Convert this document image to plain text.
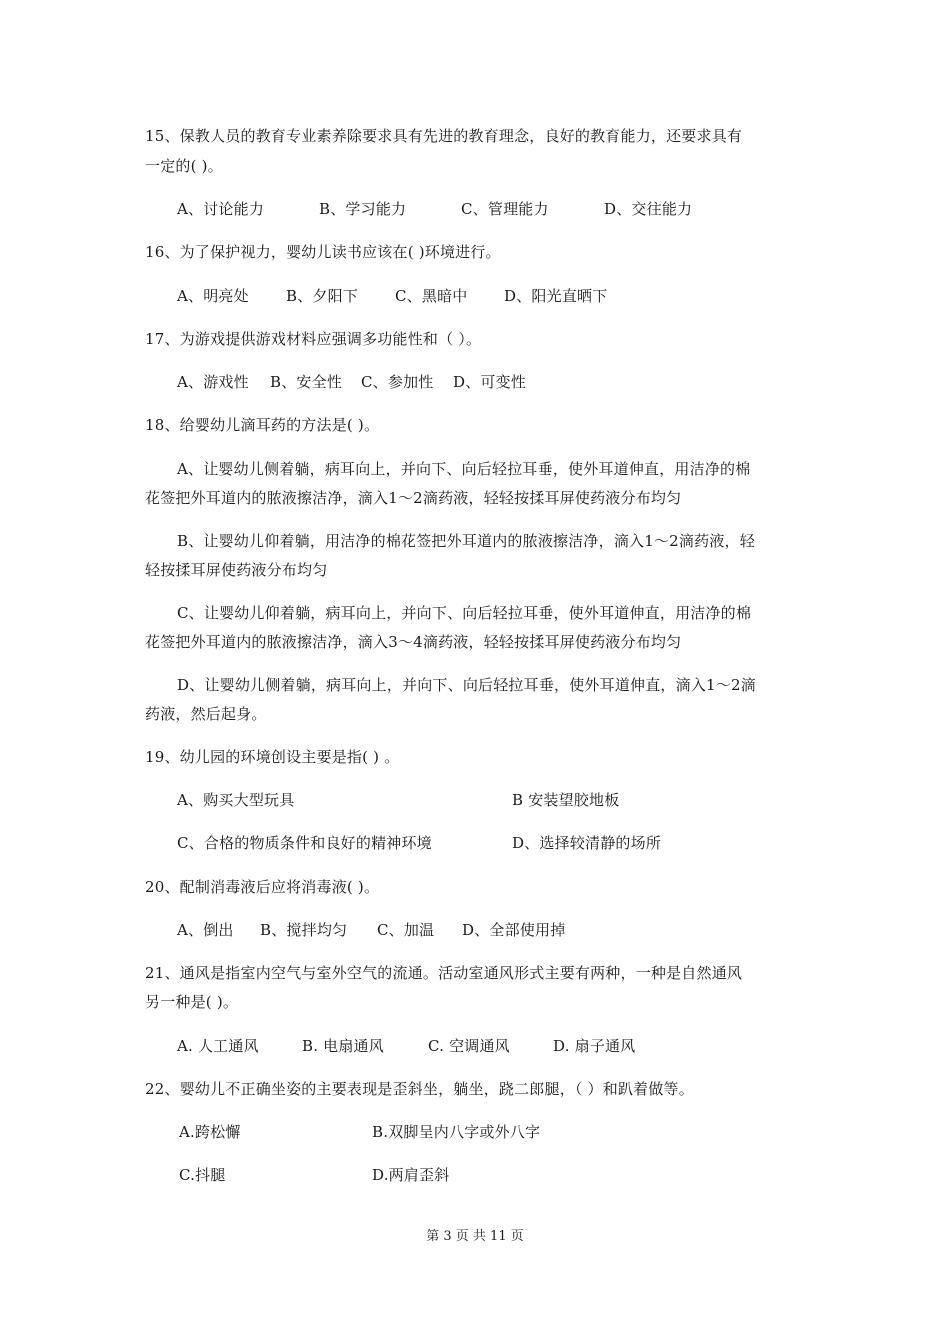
15、保教人员的教育专业素养除要求具有先进的教育理念，良好的教育能力，还要求具有
一定的( )。
A、讨论能力	B、学习能力	C、管理能力	D、交往能力
16、为了保护视力，婴幼儿读书应该在( )环境进行。
A、明亮处 B、夕阳下 C、黑暗中 D、阳光直晒下
17、为游戏提供游戏材料应强调多功能性和（ ）。
A、游戏性 B、安全性 C、参加性 D、可变性
18、给婴幼儿滴耳药的方法是( )。
A、让婴幼儿侧着躺，病耳向上，并向下、向后轻拉耳垂，使外耳道伸直，用洁净的棉
花签把外耳道内的脓液擦洁净，滴入1～2滴药液，轻轻按揉耳屏使药液分布均匀
B、让婴幼儿仰着躺，用洁净的棉花签把外耳道内的脓液擦洁净，滴入1～2滴药液，轻
轻按揉耳屏使药液分布均匀
C、让婴幼儿仰着躺，病耳向上，并向下、向后轻拉耳垂，使外耳道伸直，用洁净的棉
花签把外耳道内的脓液擦洁净，滴入3～4滴药液，轻轻按揉耳屏使药液分布均匀
D、让婴幼儿侧着躺，病耳向上，并向下、向后轻拉耳垂，使外耳道伸直，滴入1～2滴
药液，然后起身。
19、幼儿园的环境创设主要是指( ) 。
A、购买大型玩具	B 安装望胶地板
C、合格的物质条件和良好的精神环境	D、选择较清静的场所
20、配制消毒液后应将消毒液( )。
A、倒出 B、搅拌均匀 C、加温 D、全部使用掉
21、通风是指室内空气与室外空气的流通。活动室通风形式主要有两种，一种是自然通风
另一种是( )。
A. 人工通风	B. 电扇通风	C. 空调通风	D. 扇子通风
22、婴幼儿不正确坐姿的主要表现是歪斜坐，躺坐，跷二郎腿，（ ）和趴着做等。
A.跨松懈	B.双脚呈内八字或外八字
C.抖腿	D.两肩歪斜
第 3 页 共 11 页
